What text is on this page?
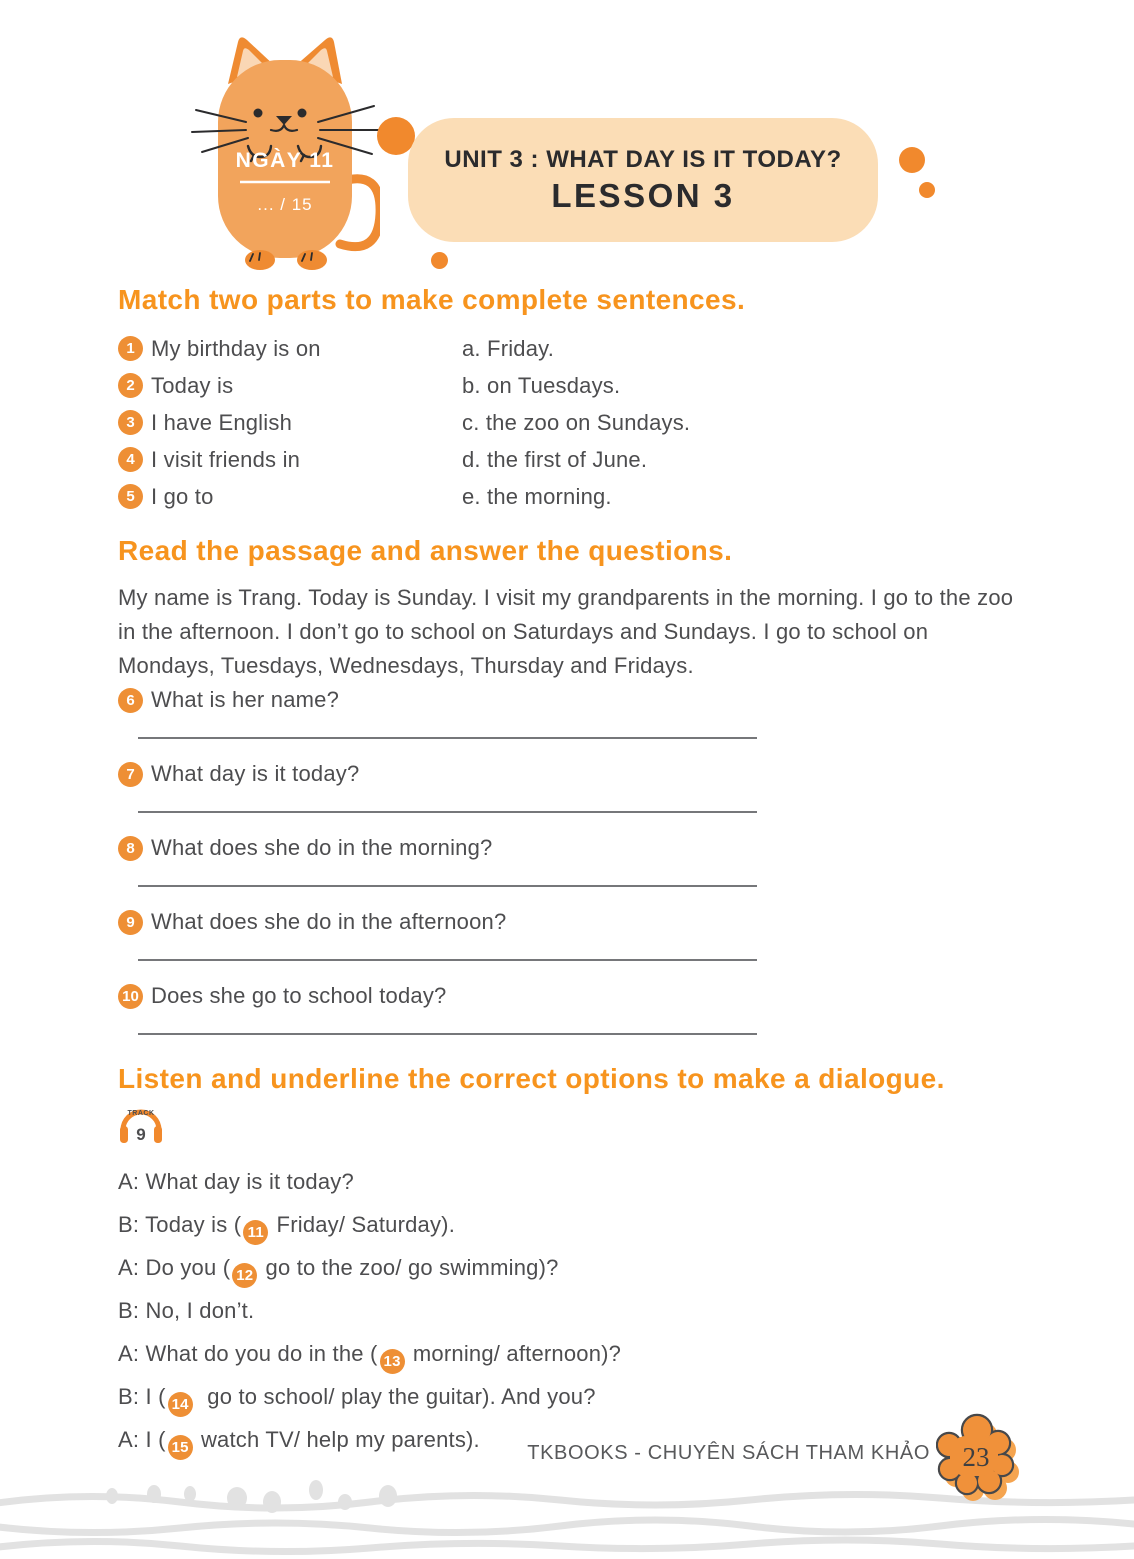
NGÀY 11
... / 15
UNIT 3 : WHAT DAY IS IT TODAY?
LESSON 3
Match two parts to make complete sentences.
1 My birthday is on	a. Friday.
2 Today is	b. on Tuesdays.
3 I have English	c. the zoo on Sundays.
4 I visit friends in	d. the first of June.
5 I go to	e. the morning.
Read the passage and answer the questions.
My name is Trang. Today is Sunday. I visit my grandparents in the morning. I go to the zoo in the afternoon. I don’t go to school on Saturdays and Sundays. I go to school on Mondays, Tuesdays, Wednesdays, Thursday and Fridays.
6 What is her name?
7 What day is it today?
8 What does she do in the morning?
9 What does she do in the afternoon?
10 Does she go to school today?
Listen and underline the correct options to make a dialogue.
TRACK
9
A: What day is it today?
B: Today is ( 11 Friday/ Saturday).
A: Do you ( 12 go to the zoo/ go swimming)?
B: No, I don’t.
A: What do you do in the ( 13 morning/ afternoon)?
B: I ( 14  go to school/ play the guitar). And you?
A: I ( 15 watch TV/ help my parents).
TKBOOKS - CHUYÊN SÁCH THAM KHẢO 23
